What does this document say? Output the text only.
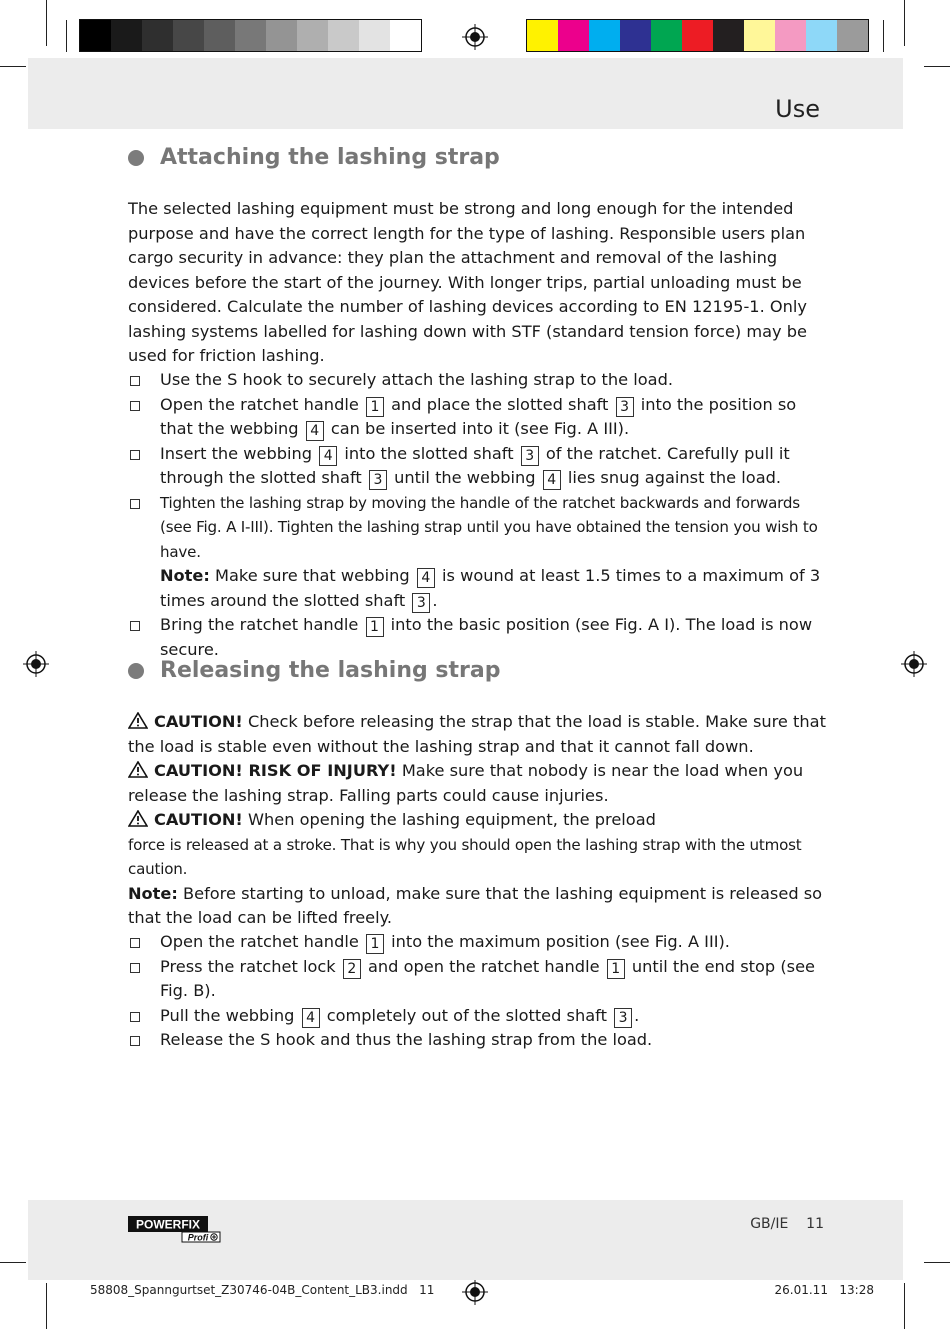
Use
Attaching the lashing strap

The selected lashing equipment must be strong and long enough for the intended purpose and have the correct length for the type of lashing. Responsible users plan cargo security in advance: they plan the attachment and removal of the lashing devices before the start of the journey. With longer trips, partial unloading must be considered. Calculate the number of lashing devices according to EN 12195-1. Only lashing systems labelled for lashing down with STF (standard tension force) may be used for friction lashing.

Use the S hook to securely attach the lashing strap to the load.
Open the ratchet handle 1 and place the slotted shaft 3 into the position so that the webbing 4 can be inserted into it (see Fig. A III).
Insert the webbing 4 into the slotted shaft 3 of the ratchet. Carefully pull it through the slotted shaft 3 until the webbing 4 lies snug against the load.
Tighten the lashing strap by moving the handle of the ratchet backwards and forwards (see Fig. A I-III). Tighten the lashing strap until you have obtained the tension you wish to have.
Note: Make sure that webbing 4 is wound at least 1.5 times to a maximum of 3 times around the slotted shaft 3 .
Bring the ratchet handle 1 into the basic position (see Fig. A I). The load is now secure.
Releasing the lashing strap

CAUTION! Check before releasing the strap that the load is stable. Make sure that the load is stable even without the lashing strap and that it cannot fall down.

CAUTION! RISK OF INJURY! Make sure that nobody is near the load when you release the lashing strap. Falling parts could cause injuries.

CAUTION! When opening the lashing equipment, the preload
force is released at a stroke. That is why you should open the lashing strap with the utmost caution.

Note: Before starting to unload, make sure that the lashing equipment is released so that the load can be lifted freely.

Open the ratchet handle 1 into the maximum position (see Fig. A III).
Press the ratchet lock 2 and open the ratchet handle 1 until the end stop (see Fig. B).
Pull the webbing 4 completely out of the slotted shaft 3 .
Release the S hook and thus the lashing strap from the load.
POWERFIX
Profi
GB/IE 11
58808_Spanngurtset_Z30746-04B_Content_LB3.indd 11	26.01.11 13:28
